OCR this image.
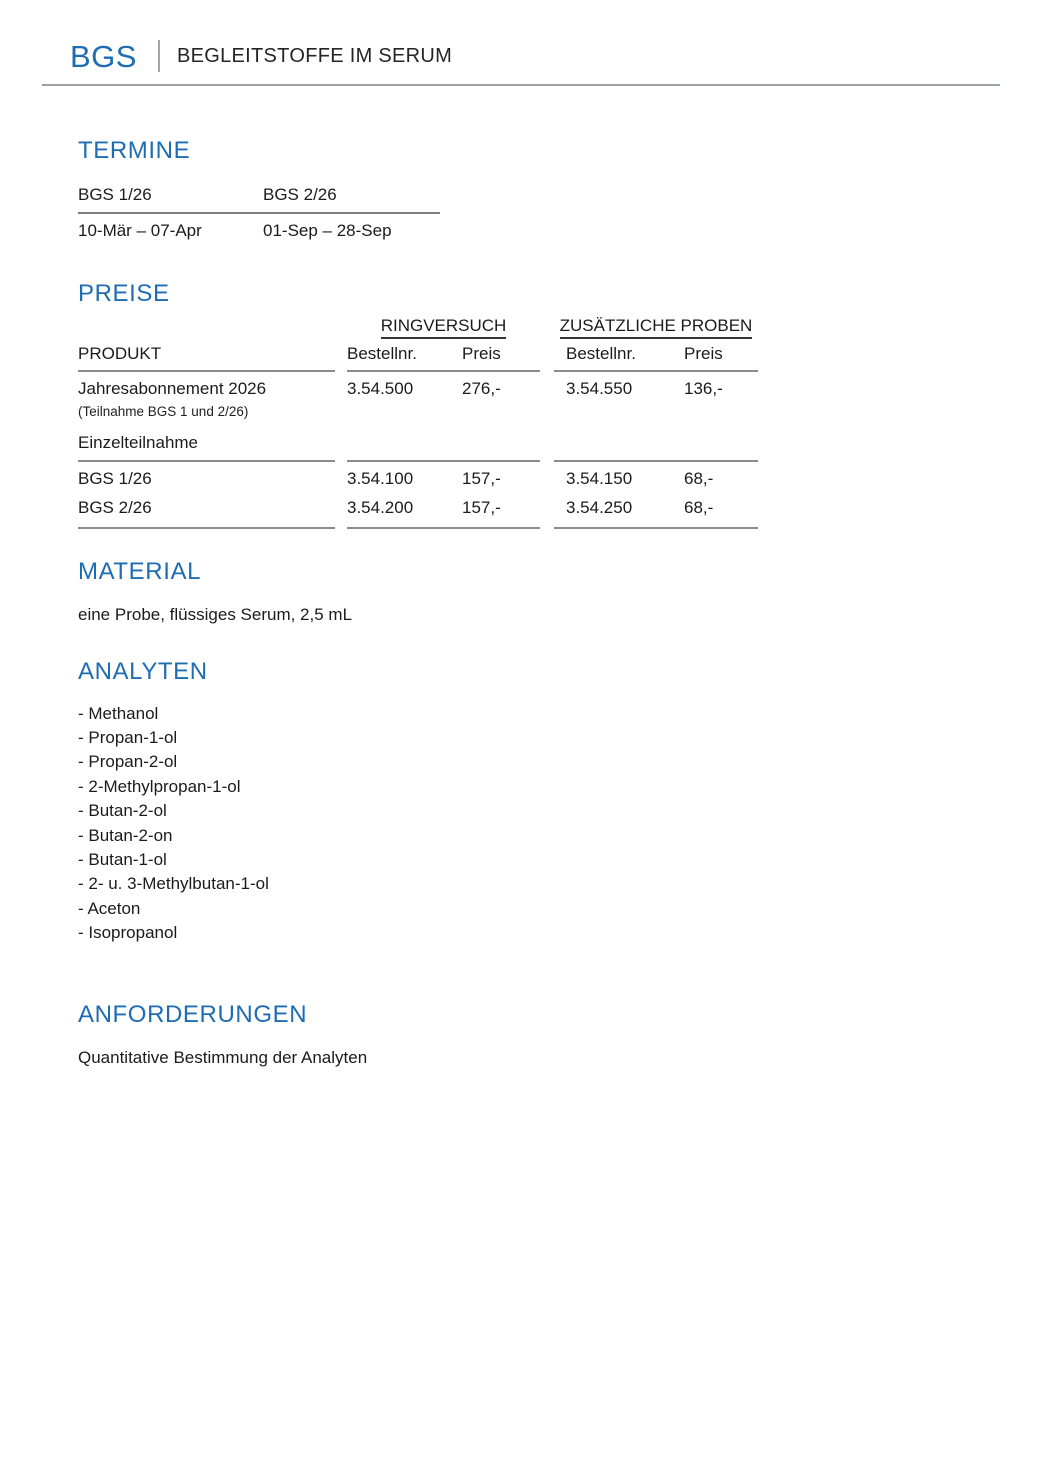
BGS BEGLEITSTOFFE IM SERUM
TERMINE
BGS 1/26	BGS 2/26
10-Mär – 07-Apr	01-Sep – 28-Sep
PREISE
RINGVERSUCH	ZUSÄTZLICHE PROBEN
PRODUKT	Bestellnr.	Preis	Bestellnr.	Preis
Jahresabonnement 2026	3.54.500	276,-	3.54.550	136,-
(Teilnahme BGS 1 und 2/26)
Einzelteilnahme
BGS 1/26	3.54.100	157,-	3.54.150	68,-
BGS 2/26	3.54.200	157,-	3.54.250	68,-
MATERIAL

eine Probe, flüssiges Serum, 2,5 mL

ANALYTEN
- Methanol
- Propan-1-ol
- Propan-2-ol
- 2-Methylpropan-1-ol
- Butan-2-ol
- Butan-2-on
- Butan-1-ol
- 2- u. 3-Methylbutan-1-ol
- Aceton
- Isopropanol
ANFORDERUNGEN

Quantitative Bestimmung der Analyten
